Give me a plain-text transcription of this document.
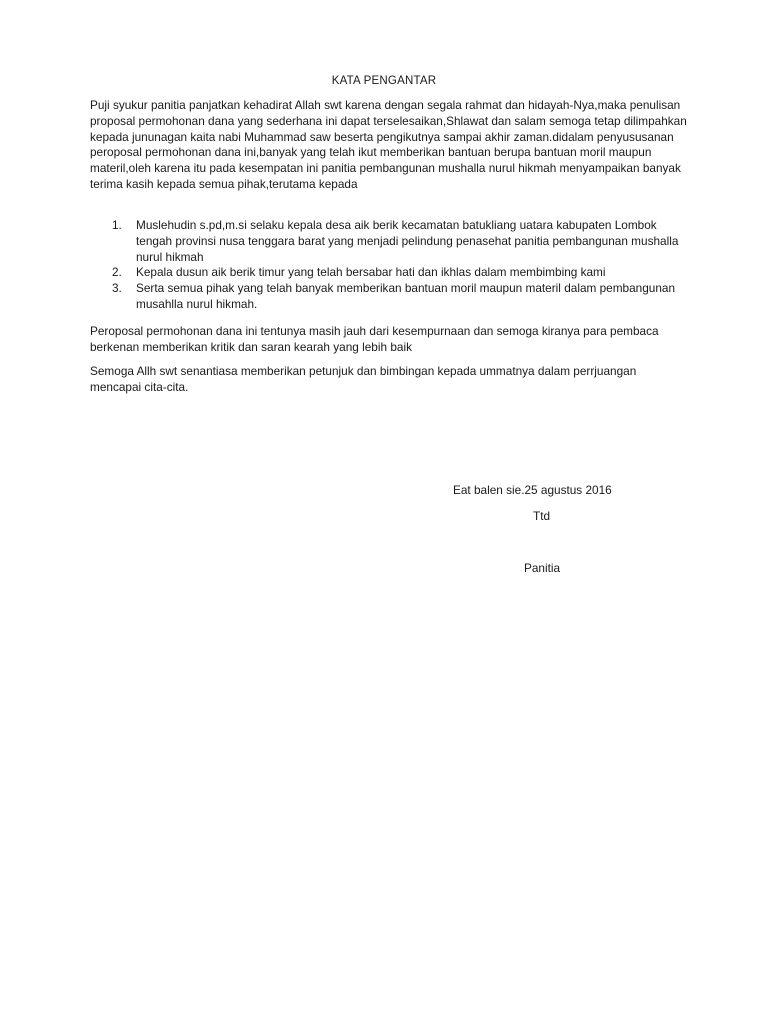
KATA PENGANTAR
Puji syukur panitia panjatkan kehadirat Allah swt karena dengan segala rahmat dan hidayah-Nya,maka penulisan proposal permohonan dana yang sederhana ini dapat terselesaikan,Shlawat dan salam semoga tetap dilimpahkan kepada jununagan kaita nabi Muhammad saw beserta pengikutnya sampai akhir zaman.didalam penyususanan peroposal permohonan dana ini,banyak yang telah ikut memberikan bantuan berupa bantuan moril maupun materil,oleh karena itu pada kesempatan ini panitia pembangunan mushalla nurul hikmah menyampaikan banyak terima kasih kepada semua pihak,terutama kepada
1. Muslehudin s.pd,m.si selaku kepala desa aik berik kecamatan batukliang uatara kabupaten Lombok tengah provinsi nusa tenggara barat yang menjadi pelindung penasehat panitia pembangunan mushalla nurul hikmah
2. Kepala dusun aik berik timur yang telah bersabar hati dan ikhlas dalam membimbing kami
3. Serta semua pihak yang telah banyak memberikan bantuan moril maupun materil dalam pembangunan musahlla nurul hikmah.
Peroposal permohonan dana ini tentunya masih jauh dari kesempurnaan dan semoga kiranya para pembaca berkenan memberikan kritik dan saran kearah yang lebih baik
Semoga Allh swt senantiasa memberikan petunjuk dan bimbingan kepada ummatnya dalam perrjuangan mencapai cita-cita.
Eat balen sie.25 agustus 2016
Ttd
Panitia
